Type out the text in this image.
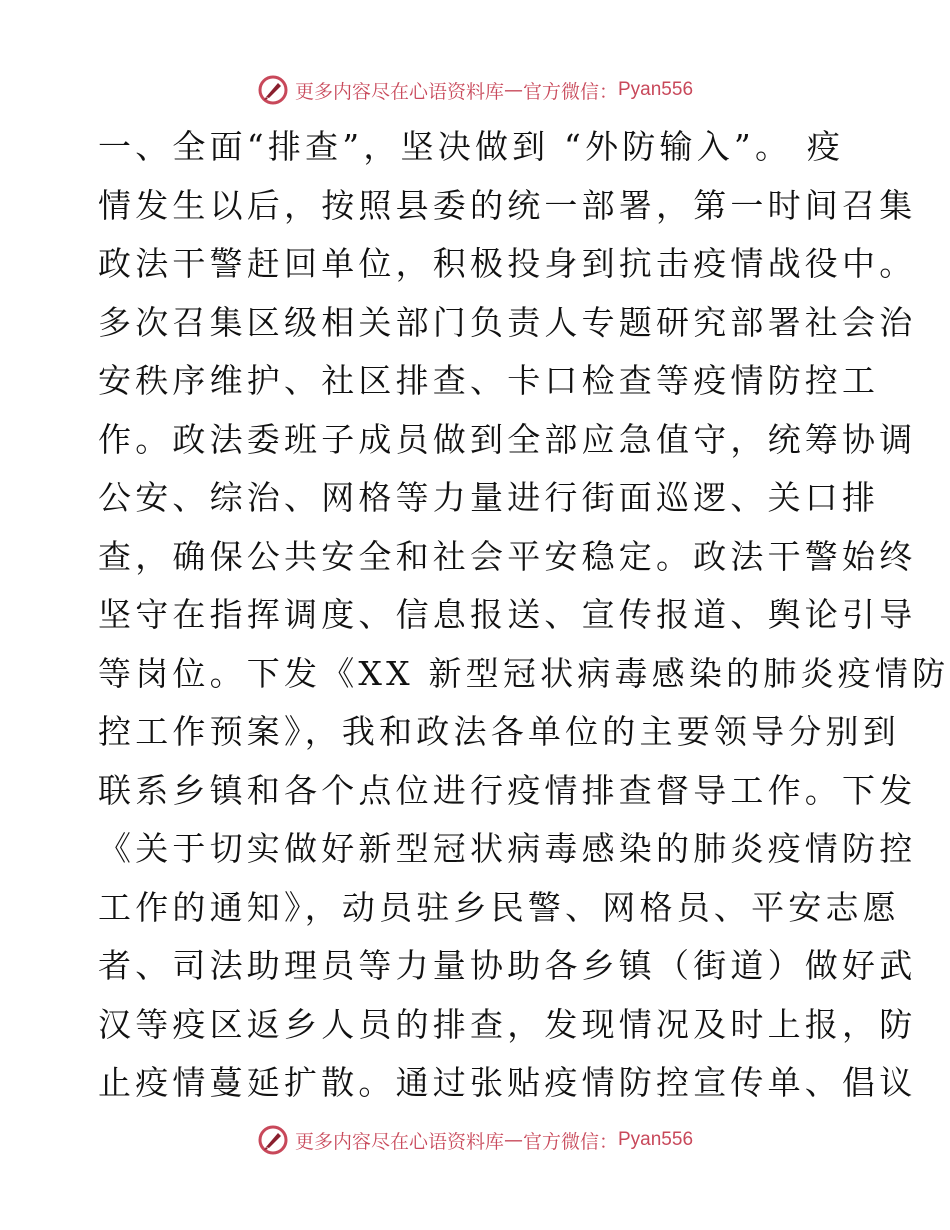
更多内容尽在心语资料库 — 官方微信： Pyan556
一、全面“排查”，坚决做到 “外防输入”。 疫
情发生以后，按照县委的统一部署，第一时间召集
政法干警赶回单位，积极投身到抗击疫情战役中。
多次召集区级相关部门负责人专题研究部署社会治
安秩序维护、社区排查、卡口检查等疫情防控工
作。政法委班子成员做到全部应急值守，统筹协调
公安、综治、网格等力量进行街面巡逻、关口排
查，确保公共安全和社会平安稳定。政法干警始终
坚守在指挥调度、信息报送、宣传报道、舆论引导
等岗位。下发《XX 新型冠状病毒感染的肺炎疫情防
控工作预案》，我和政法各单位的主要领导分别到
联系乡镇和各个点位进行疫情排查督导工作。下发
《关于切实做好新型冠状病毒感染的肺炎疫情防控
工作的通知》，动员驻乡民警、网格员、平安志愿
者、司法助理员等力量协助各乡镇（街道）做好武
汉等疫区返乡人员的排查，发现情况及时上报，防
止疫情蔓延扩散。通过张贴疫情防控宣传单、倡议
更多内容尽在心语资料库 — 官方微信： Pyan556
